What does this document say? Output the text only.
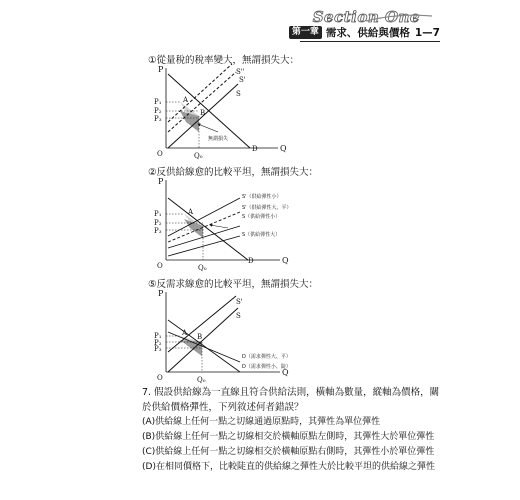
Section One
第一章 需求、供給與價格 1—7
①從量稅的稅率變大，無謂損失大：
P
Q
O	Q₀
P₁
P₂
P₃
S''
S'
S
A
B
D
無謂損失
②反供給線愈的比較平坦，無謂損失大：
P
Q
O	Q₀
P₁
P₂
P₃
A
D
S'（供給彈性小）
S'（供給彈性大、平）
S（供給彈性小）
S（供給彈性大）
⑤反需求線愈的比較平坦，無謂損失大：
P
Q
O	Q₀
P₁
P₂
P₃
A B
S
S'
D（需求彈性大、平）
D（需求彈性小、陡）
7. 假設供給線為一直線且符合供給法則，橫軸為數量，縱軸為價格，關於供給價格彈性，下列敘述何者錯誤？
(A)供給線上任何一點之切線通過原點時，其彈性為單位彈性
(B)供給線上任何一點之切線相交於橫軸原點左側時，其彈性大於單位彈性
(C)供給線上任何一點之切線相交於橫軸原點右側時，其彈性小於單位彈性
(D)在相同價格下，比較陡直的供給線之彈性大於比較平坦的供給線之彈性
